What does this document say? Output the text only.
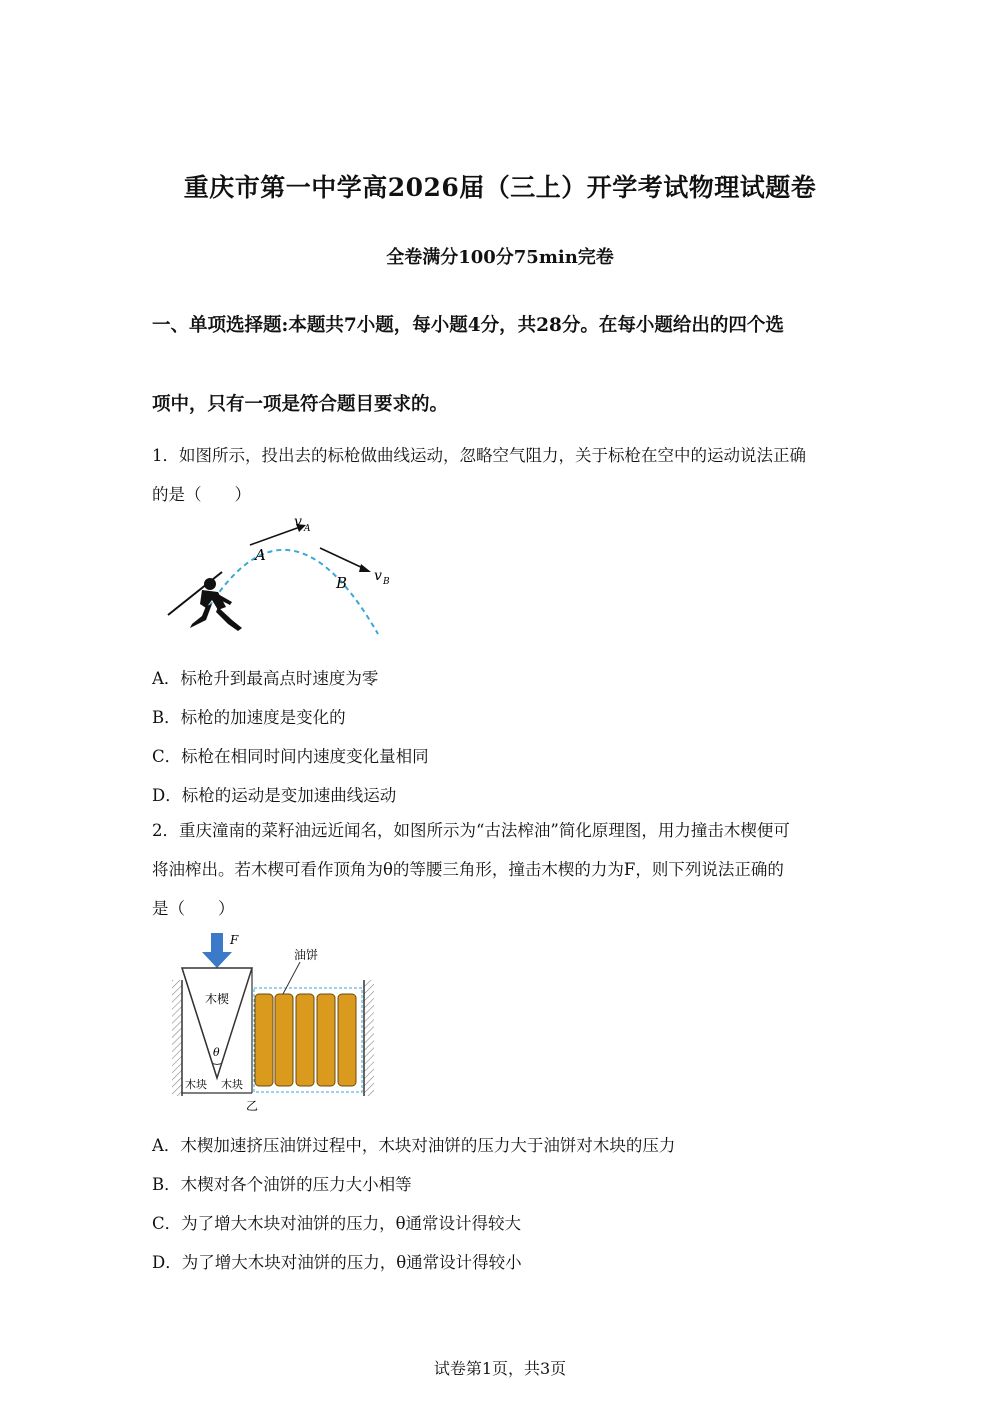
重庆市第一中学高2026届（三上）开学考试物理试题卷
全卷满分100分75min完卷
一、单项选择题:本题共7小题，每小题4分，共28分。在每小题给出的四个选
项中，只有一项是符合题目要求的。
1．如图所示，投出去的标枪做曲线运动，忽略空气阻力，关于标枪在空中的运动说法正确
的是（　　）
v A
A
v B
B
A．标枪升到最高点时速度为零
B．标枪的加速度是变化的
C．标枪在相同时间内速度变化量相同
D．标枪的运动是变加速曲线运动
2．重庆潼南的菜籽油远近闻名，如图所示为“古法榨油”简化原理图，用力撞击木楔便可
将油榨出。若木楔可看作顶角为θ的等腰三角形，撞击木楔的力为F，则下列说法正确的
是（　　）
F
木楔
θ
木块 木块
油饼
乙
A．木楔加速挤压油饼过程中，木块对油饼的压力大于油饼对木块的压力
B．木楔对各个油饼的压力大小相等
C．为了增大木块对油饼的压力，θ通常设计得较大
D．为了增大木块对油饼的压力，θ通常设计得较小
试卷第1页，共3页
